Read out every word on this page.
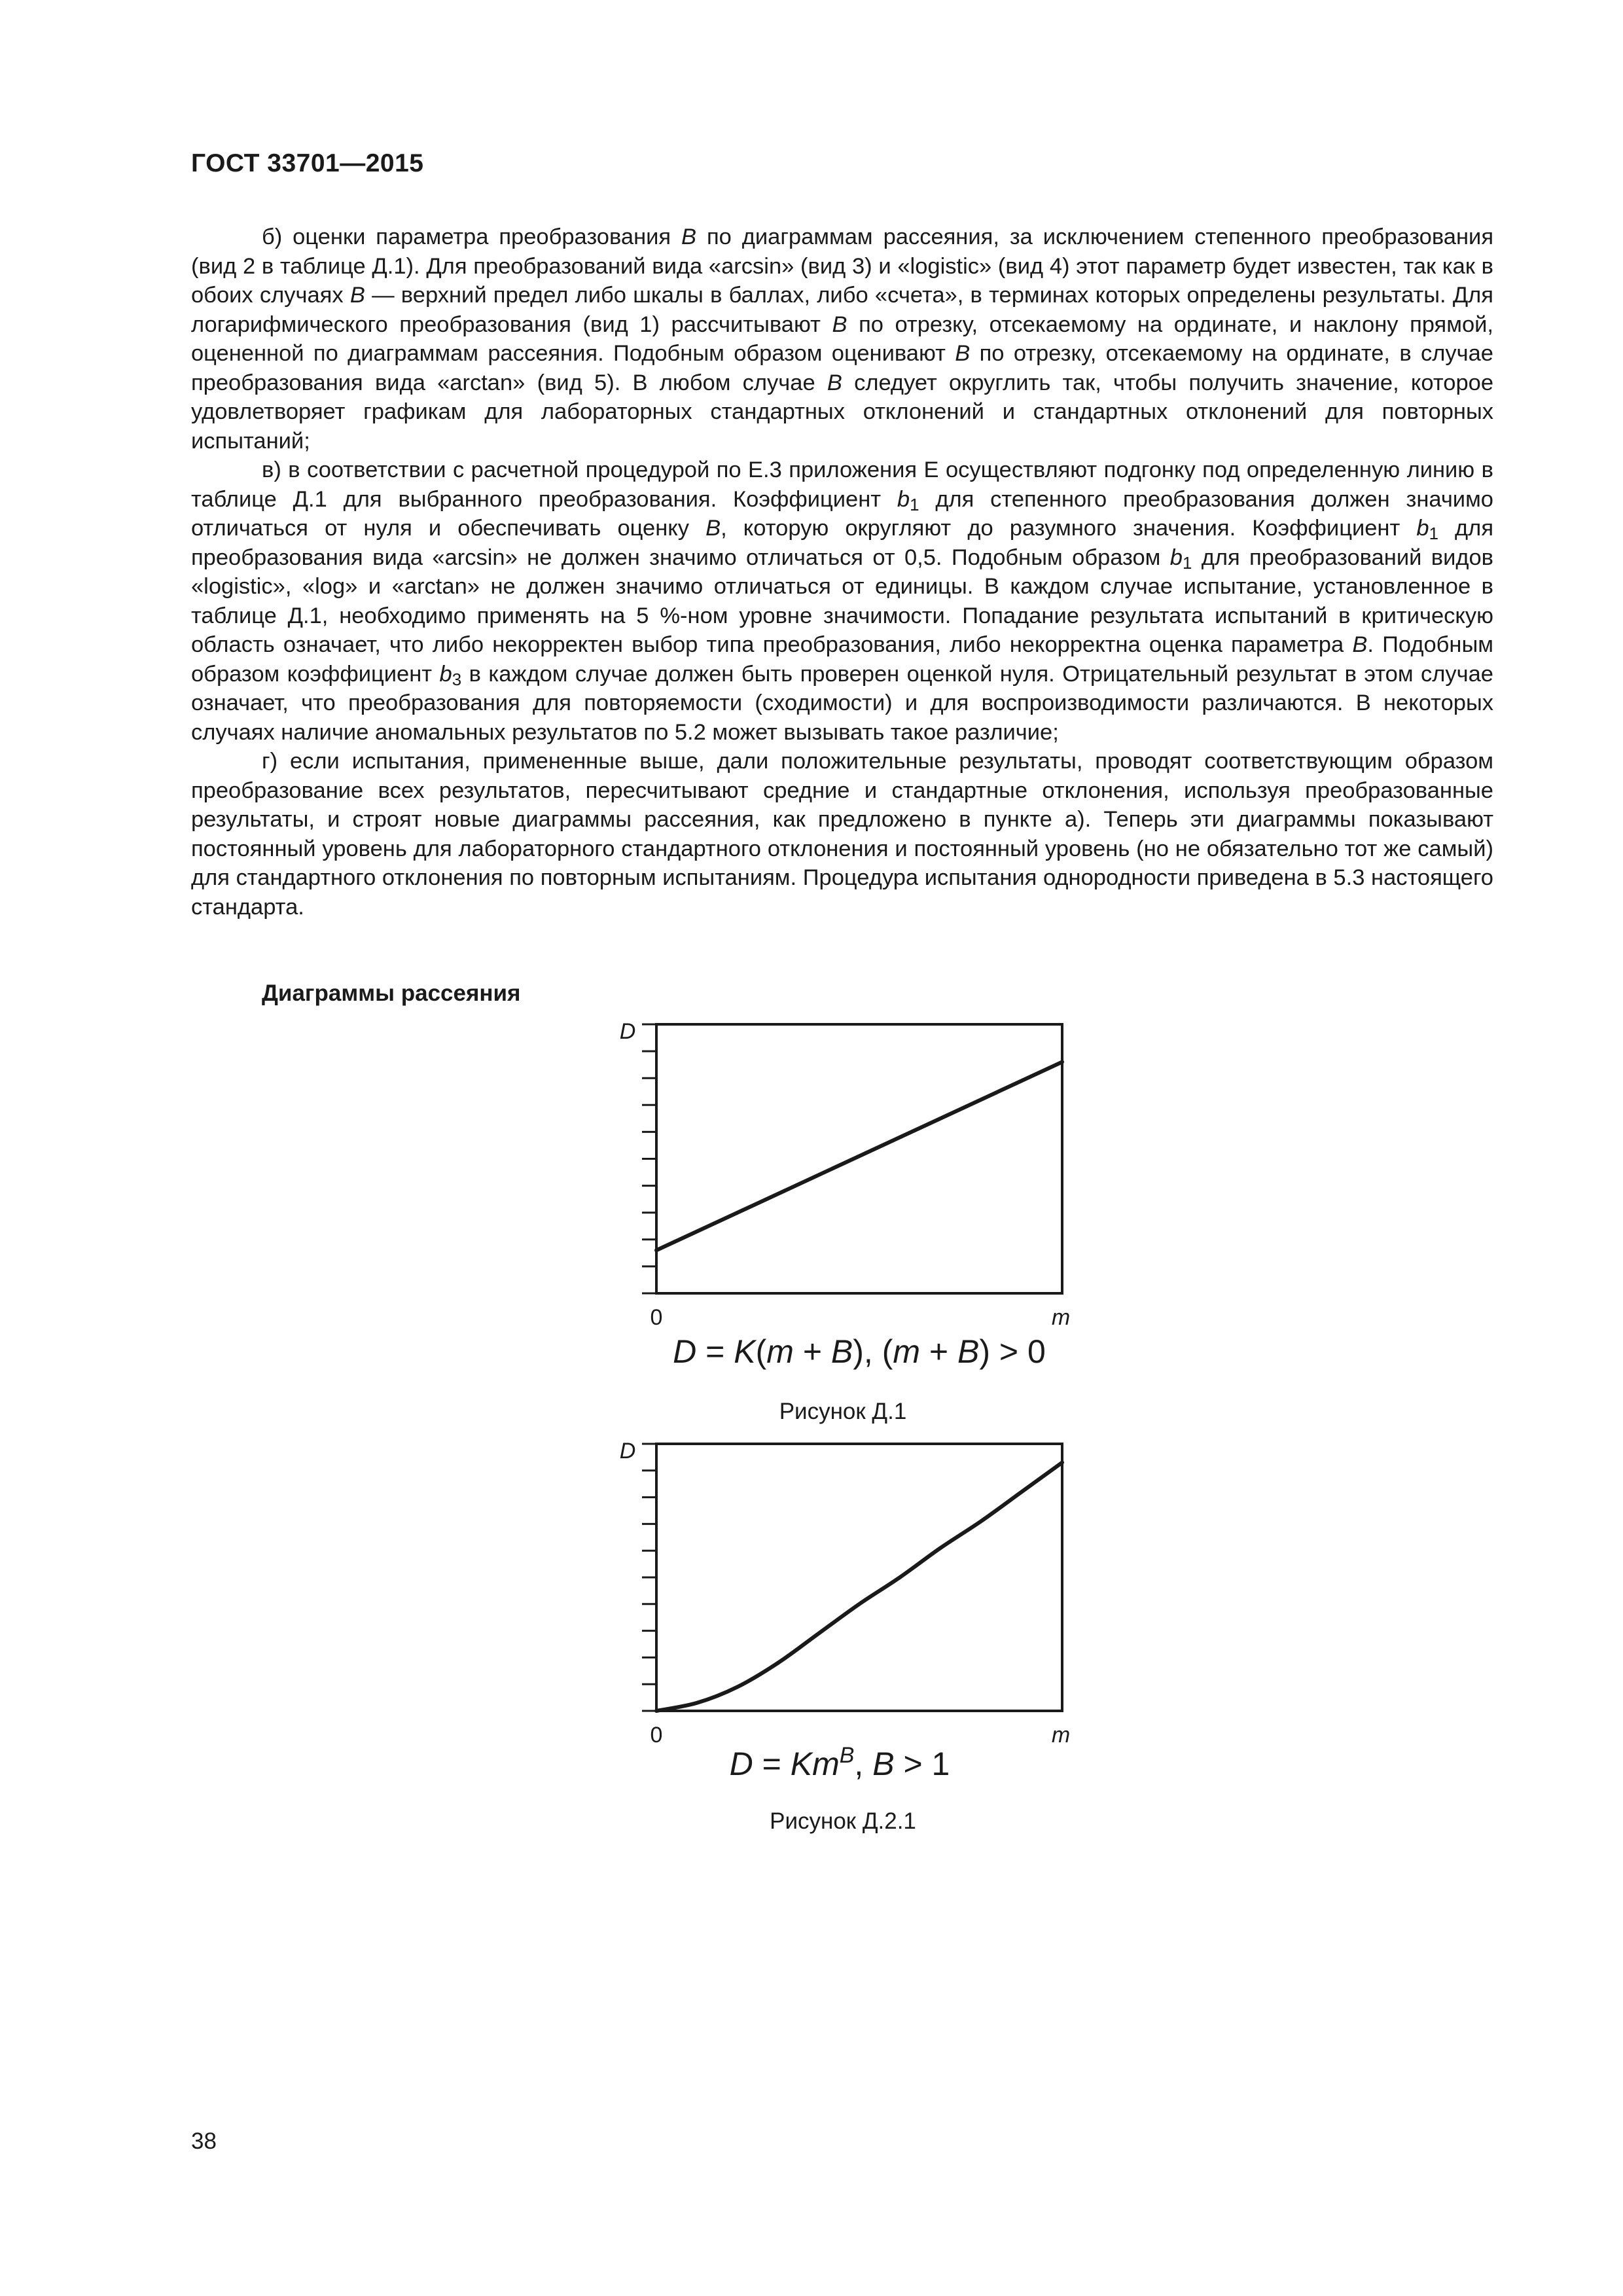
ГОСТ 33701—2015

б) оценки параметра преобразования B по диаграммам рассеяния, за исключением степенного преобразования (вид 2 в таблице Д.1). Для преобразований вида «arcsin» (вид 3) и «logistic» (вид 4) этот параметр будет известен, так как в обоих случаях B — верхний предел либо шкалы в баллах, либо «счета», в терминах которых определены результаты. Для логарифмического преобразования (вид 1) рассчитывают B по отрезку, отсекаемому на ординате, и наклону прямой, оцененной по диаграммам рассеяния. Подобным образом оценивают B по отрезку, отсекаемому на ординате, в случае преобразования вида «arctan» (вид 5). В любом случае B следует округлить так, чтобы получить значение, которое удовлетворяет графикам для лабораторных стандартных отклонений и стандартных отклонений для повторных испытаний;

в) в соответствии с расчетной процедурой по Е.3 приложения Е осуществляют подгонку под определенную линию в таблице Д.1 для выбранного преобразования. Коэффициент $b_1$ для степенного преобразования должен значимо отличаться от нуля и обеспечивать оценку B, которую округляют до разумного значения. Коэффициент $b_1$ для преобразования вида «arcsin» не должен значимо отличаться от 0,5. Подобным образом $b_1$ для преобразований видов «logistic», «log» и «arctan» не должен значимо отличаться от единицы. В каждом случае испытание, установленное в таблице Д.1, необходимо применять на 5 %-ном уровне значимости. Попадание результата испытаний в критическую область означает, что либо некорректен выбор типа преобразования, либо некорректна оценка параметра B. Подобным образом коэффициент $b_3$ в каждом случае должен быть проверен оценкой нуля. Отрицательный результат в этом случае означает, что преобразования для повторяемости (сходимости) и для воспроизводимости различаются. В некоторых случаях наличие аномальных результатов по 5.2 может вызывать такое различие;

г) если испытания, примененные выше, дали положительные результаты, проводят соответствующим образом преобразование всех результатов, пересчитывают средние и стандартные отклонения, используя преобразованные результаты, и строят новые диаграммы рассеяния, как предложено в пункте а). Теперь эти диаграммы показывают постоянный уровень для лабораторного стандартного отклонения и постоянный уровень (но не обязательно тот же самый) для стандартного отклонения по повторным испытаниям. Процедура испытания однородности приведена в 5.3 настоящего стандарта.

Диаграммы рассеяния
D
0	m
D = K(m + B), (m + B) > 0
Рисунок Д.1
D
0	m
$D = Km^B$, B > 1
Рисунок Д.2.1
38
